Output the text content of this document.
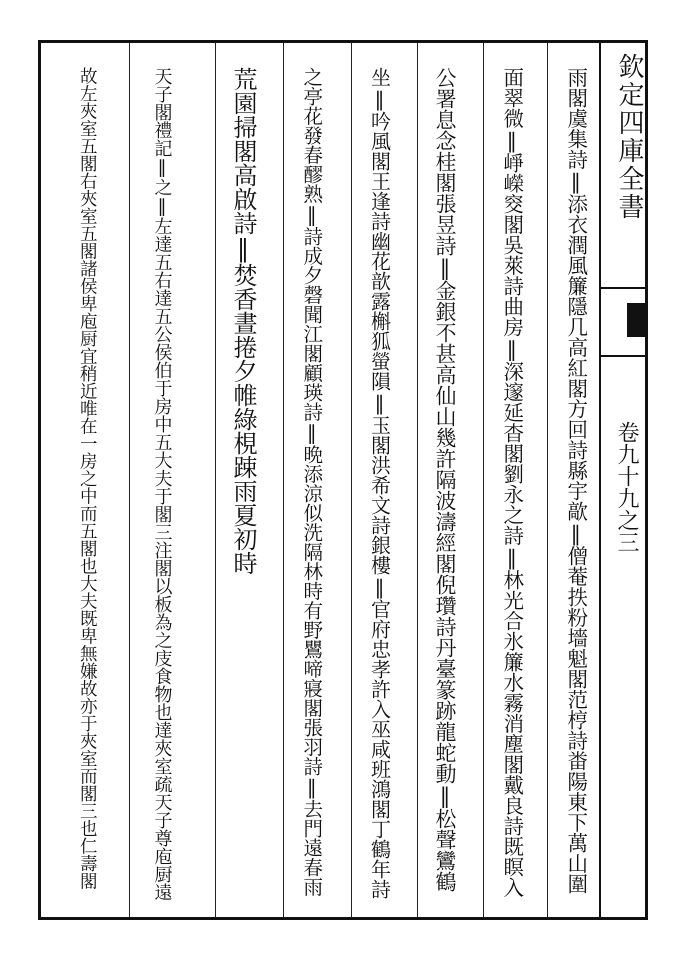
欽定四庫全書
卷九十九之三
雨閣虞集詩‖添衣潤風簾隱几高紅閣方回詩縣宇歊‖僧菴抶粉墻魁閣范梈詩畨陽東下萬山圍
面翠微‖崢嶸窔閣吳萊詩曲房‖深邃延杳閣劉永之詩‖林光合氷簾水霧消塵閣戴良詩既瞑入
公署息念桂閣張昱詩‖金銀不甚高仙山幾許隔波濤經閣倪瓚詩丹臺篆跡龍蛇動‖松聲鸞鶴
坐‖吟風閣王逢詩幽花歆露槲狐螢隕‖玉閣洪希文詩銀樓‖官府忠孝許入巫咸班鴻閣丁鶴年詩
之亭花發春醪熟‖詩成夕磬聞江閣顧瑛詩‖晩添涼似洗隔林時有野鸎啼寢閣張羽詩‖去門遠春雨
荒園掃閣高啟詩‖焚香晝捲夕帷綠梘踈雨夏初時
天子閣禮記‖之‖左達五右達五公侯伯于房中五大夫于閣三注閣以板為之庋食物也達夾室疏天子尊庖厨遠
故左夾室五閣右夾室五閣諸侯卑庖厨宜稍近唯在一房之中而五閣也大夫既卑無嫌故亦于夾室而閣三也仁壽閣
